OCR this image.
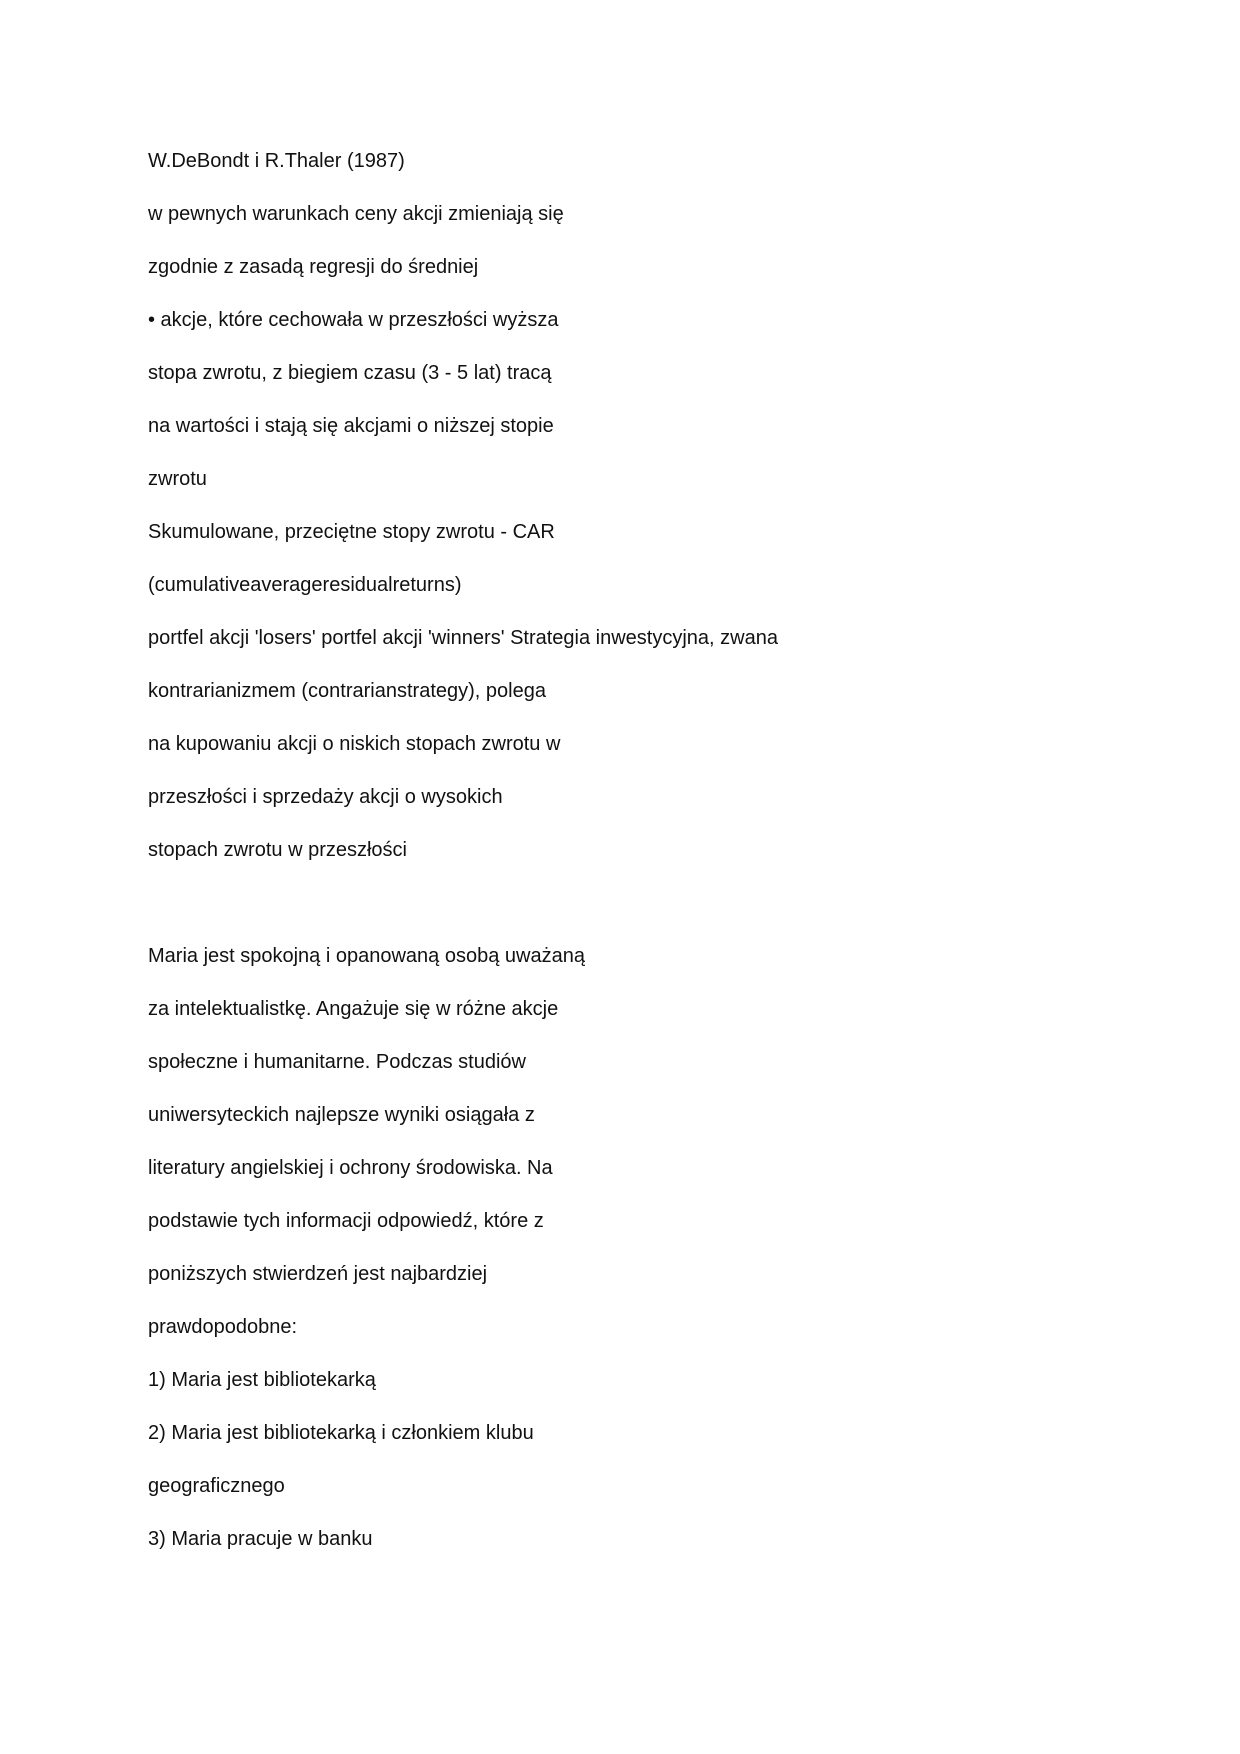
W.DeBondt i R.Thaler (1987)

w pewnych warunkach ceny akcji zmieniają się

zgodnie z zasadą regresji do średniej

• akcje, które cechowała w przeszłości wyższa

stopa zwrotu, z biegiem czasu (3 - 5 lat) tracą

na wartości i stają się akcjami o niższej stopie

zwrotu

Skumulowane, przeciętne stopy zwrotu - CAR

(cumulativeaverageresidualreturns)

portfel akcji 'losers' portfel akcji 'winners' Strategia inwestycyjna, zwana

kontrarianizmem (contrarianstrategy), polega

na kupowaniu akcji o niskich stopach zwrotu w

przeszłości i sprzedaży akcji o wysokich

stopach zwrotu w przeszłości

Maria jest spokojną i opanowaną osobą uważaną

za intelektualistkę. Angażuje się w różne akcje

społeczne i humanitarne. Podczas studiów

uniwersyteckich najlepsze wyniki osiągała z

literatury angielskiej i ochrony środowiska. Na

podstawie tych informacji odpowiedź, które z

poniższych stwierdzeń jest najbardziej

prawdopodobne:

1) Maria jest bibliotekarką

2) Maria jest bibliotekarką i członkiem klubu

geograficznego

3) Maria pracuje w banku
